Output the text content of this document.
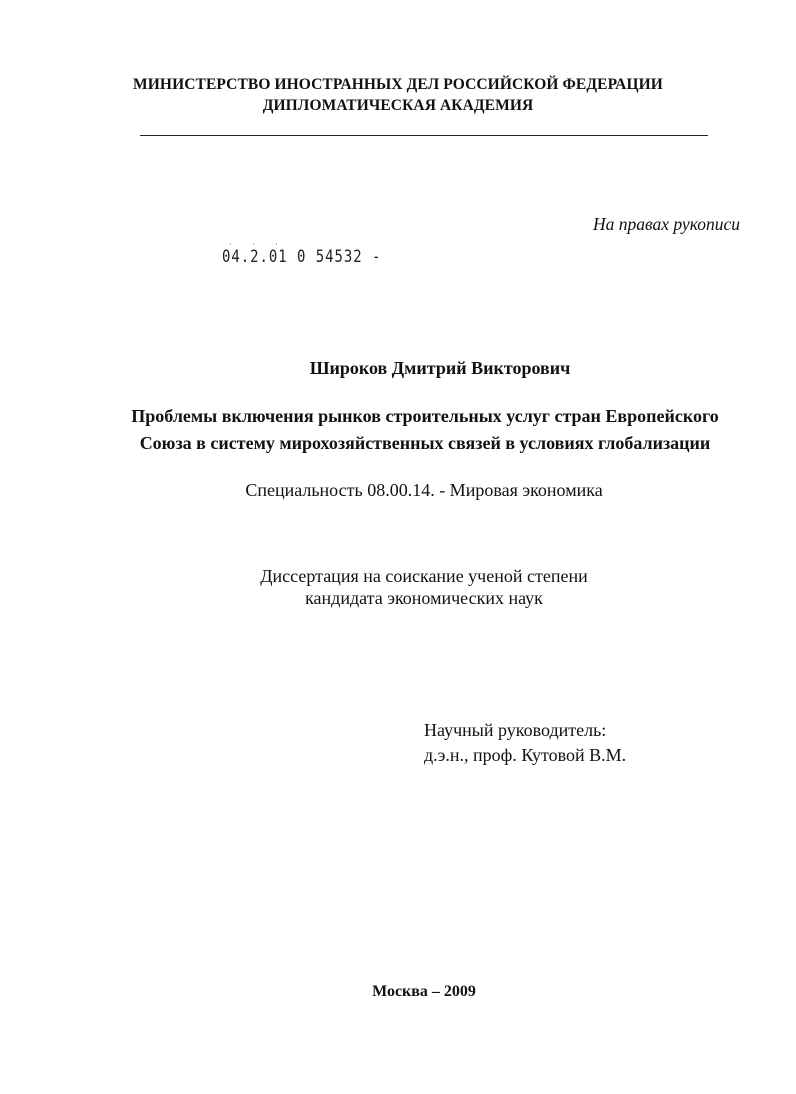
МИНИСТЕРСТВО ИНОСТРАННЫХ ДЕЛ РОССИЙСКОЙ ФЕДЕРАЦИИ
ДИПЛОМАТИЧЕСКАЯ АКАДЕМИЯ
На правах рукописи
· · ·
04.2.01 0 54532 -
Широков Дмитрий Викторович
Проблемы включения рынков строительных услуг стран Европейского
Союза в систему мирохозяйственных связей в условиях глобализации
Специальность 08.00.14. - Мировая экономика
Диссертация на соискание ученой степени
кандидата экономических наук
Научный руководитель:
д.э.н., проф. Кутовой В.М.
Москва – 2009
